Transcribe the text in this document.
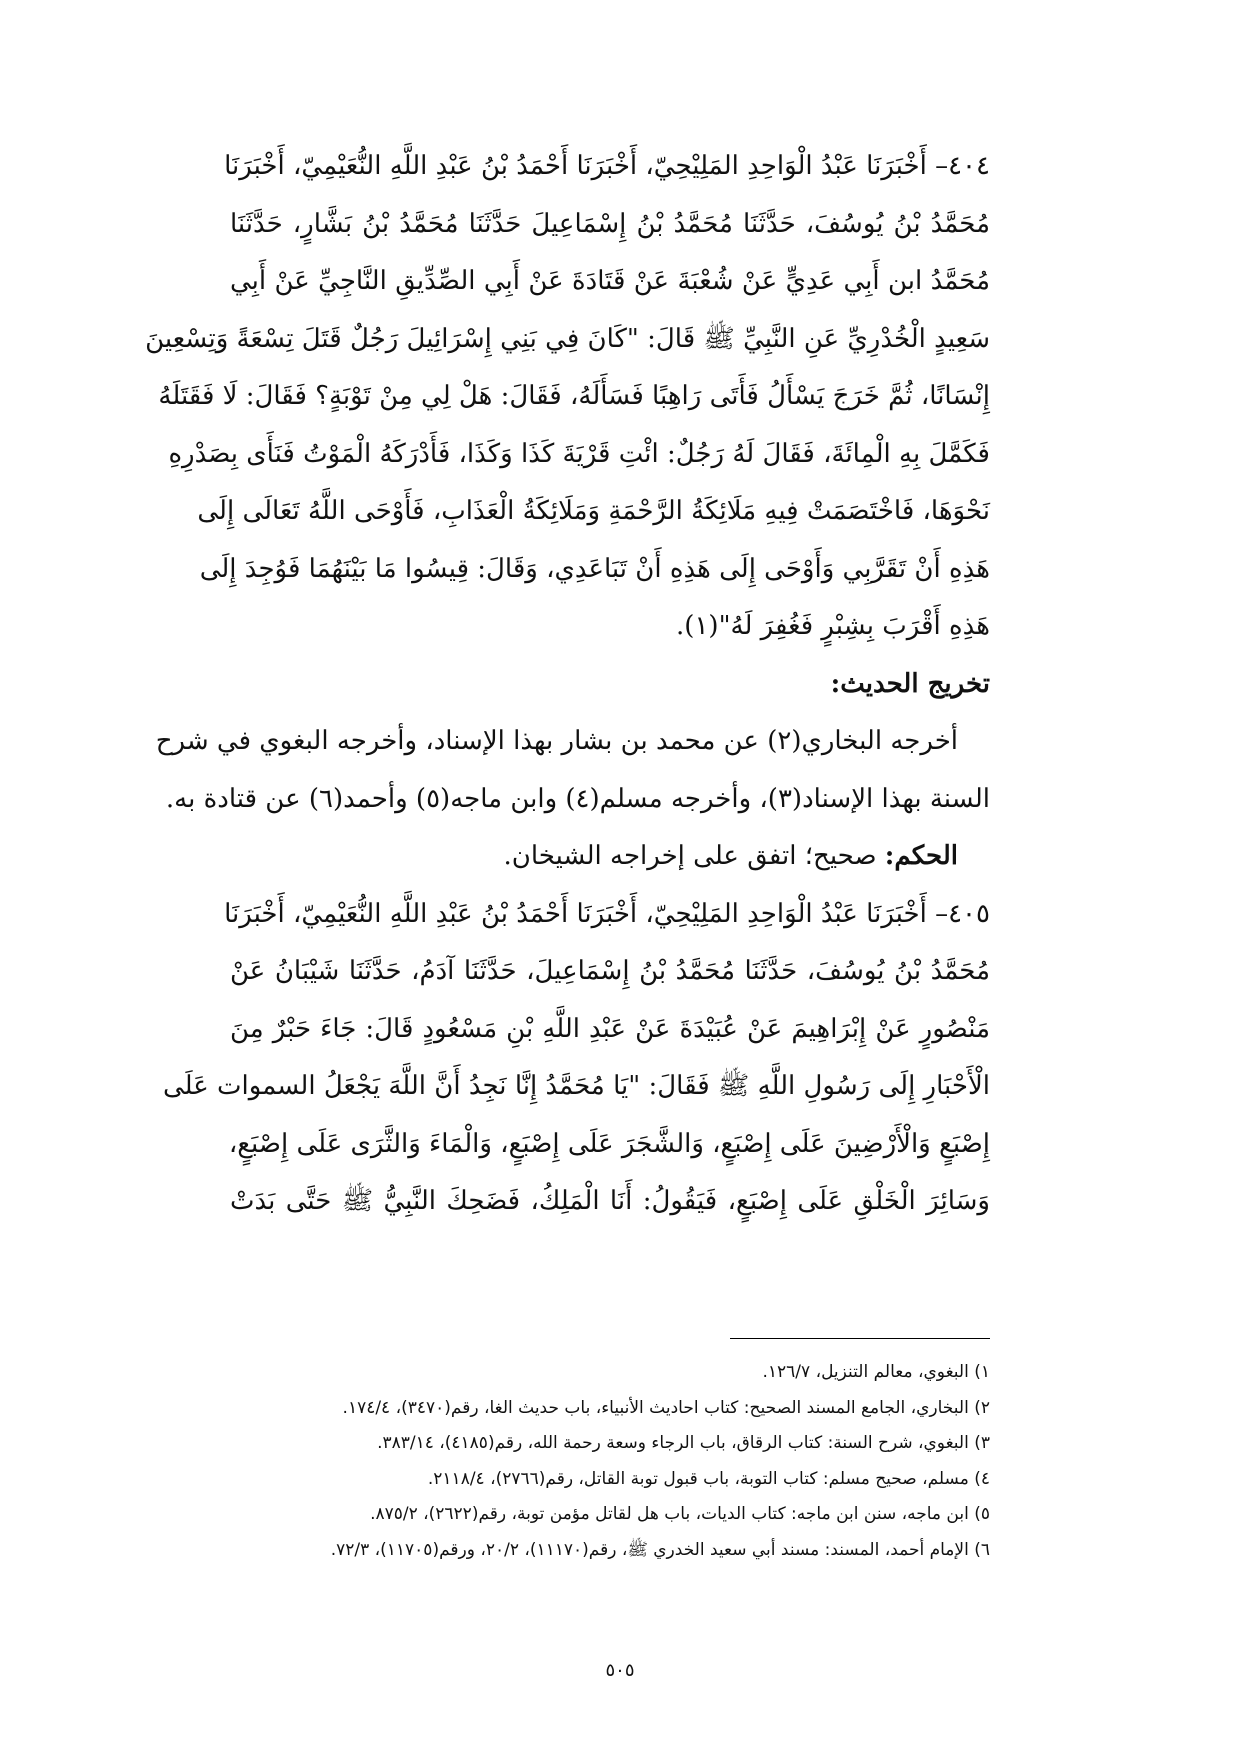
٤٠٤– أَخْبَرَنَا عَبْدُ الْوَاحِدِ المَلِيْحِيّ، أَخْبَرَنَا أَحْمَدُ بْنُ عَبْدِ اللَّهِ النُّعَيْمِيّ، أَخْبَرَنَا
مُحَمَّدُ بْنُ يُوسُفَ، حَدَّثَنَا مُحَمَّدُ بْنُ إِسْمَاعِيلَ حَدَّثَنَا مُحَمَّدُ بْنُ بَشَّارٍ، حَدَّثَنَا
مُحَمَّدُ ابن أَبِي عَدِيٍّ عَنْ شُعْبَةَ عَنْ قَتَادَةَ عَنْ أَبِي الصِّدِّيقِ النَّاجِيِّ عَنْ أَبِي
سَعِيدٍ الْخُدْرِيِّ عَنِ النَّبِيِّ ﷺ قَالَ: "كَانَ فِي بَنِي إِسْرَائِيلَ رَجُلٌ قَتَلَ تِسْعَةً وَتِسْعِينَ
إِنْسَانًا، ثُمَّ خَرَجَ يَسْأَلُ فَأَتَى رَاهِبًا فَسَأَلَهُ، فَقَالَ: هَلْ لِي مِنْ تَوْبَةٍ؟ فَقَالَ: لَا فَقَتَلَهُ
فَكَمَّلَ بِهِ الْمِائَةَ، فَقَالَ لَهُ رَجُلٌ: ائْتِ قَرْيَةَ كَذَا وَكَذَا، فَأَدْرَكَهُ الْمَوْتُ فَنَأَى بِصَدْرِهِ
نَحْوَهَا، فَاخْتَصَمَتْ فِيهِ مَلَائِكَةُ الرَّحْمَةِ وَمَلَائِكَةُ الْعَذَابِ، فَأَوْحَى اللَّهُ تَعَالَى إِلَى
هَذِهِ أَنْ تَقَرَّبِي وَأَوْحَى إِلَى هَذِهِ أَنْ تَبَاعَدِي، وَقَالَ: قِيسُوا مَا بَيْنَهُمَا فَوُجِدَ إِلَى
هَذِهِ أَقْرَبَ بِشِبْرٍ فَغُفِرَ لَهُ"(١).
تخريج الحديث:
أخرجه البخاري(٢) عن محمد بن بشار بهذا الإسناد، وأخرجه البغوي في شرح
السنة بهذا الإسناد(٣)، وأخرجه مسلم(٤) وابن ماجه(٥) وأحمد(٦) عن قتادة به.
الحكم: صحيح؛ اتفق على إخراجه الشيخان.
٤٠٥– أَخْبَرَنَا عَبْدُ الْوَاحِدِ المَلِيْحِيّ، أَخْبَرَنَا أَحْمَدُ بْنُ عَبْدِ اللَّهِ النُّعَيْمِيّ، أَخْبَرَنَا
مُحَمَّدُ بْنُ يُوسُفَ، حَدَّثَنَا مُحَمَّدُ بْنُ إِسْمَاعِيلَ، حَدَّثَنَا آدَمُ، حَدَّثَنَا شَيْبَانُ عَنْ
مَنْصُورٍ عَنْ إِبْرَاهِيمَ عَنْ عُبَيْدَةَ عَنْ عَبْدِ اللَّهِ بْنِ مَسْعُودٍ قَالَ: جَاءَ حَبْرٌ مِنَ
الْأَحْبَارِ إِلَى رَسُولِ اللَّهِ ﷺ فَقَالَ: "يَا مُحَمَّدُ إِنَّا نَجِدُ أَنَّ اللَّهَ يَجْعَلُ السموات عَلَى
إِصْبَعٍ وَالْأَرْضِينَ عَلَى إِصْبَعٍ، وَالشَّجَرَ عَلَى إِصْبَعٍ، وَالْمَاءَ وَالثَّرَى عَلَى إِصْبَعٍ،
وَسَائِرَ الْخَلْقِ عَلَى إِصْبَعٍ، فَيَقُولُ: أَنَا الْمَلِكُ، فَضَحِكَ النَّبِيُّ ﷺ حَتَّى بَدَتْ
١) البغوي، معالم التنزيل، ١٢٦/٧.
٢) البخاري، الجامع المسند الصحيح: كتاب احاديث الأنبياء، باب حديث الغا، رقم(٣٤٧٠)، ١٧٤/٤.
٣) البغوي، شرح السنة: كتاب الرقاق، باب الرجاء وسعة رحمة الله، رقم(٤١٨٥)، ٣٨٣/١٤.
٤) مسلم، صحيح مسلم: كتاب التوبة، باب قبول توبة القاتل، رقم(٢٧٦٦)، ٢١١٨/٤.
٥) ابن ماجه، سنن ابن ماجه: كتاب الديات، باب هل لقاتل مؤمن توبة، رقم(٢٦٢٢)، ٨٧٥/٢.
٦) الإمام أحمد، المسند: مسند أبي سعيد الخدري ﷺ، رقم(١١١٧٠)، ٢٠/٢، ورقم(١١٧٠٥)، ٧٢/٣.
٥٠٥
